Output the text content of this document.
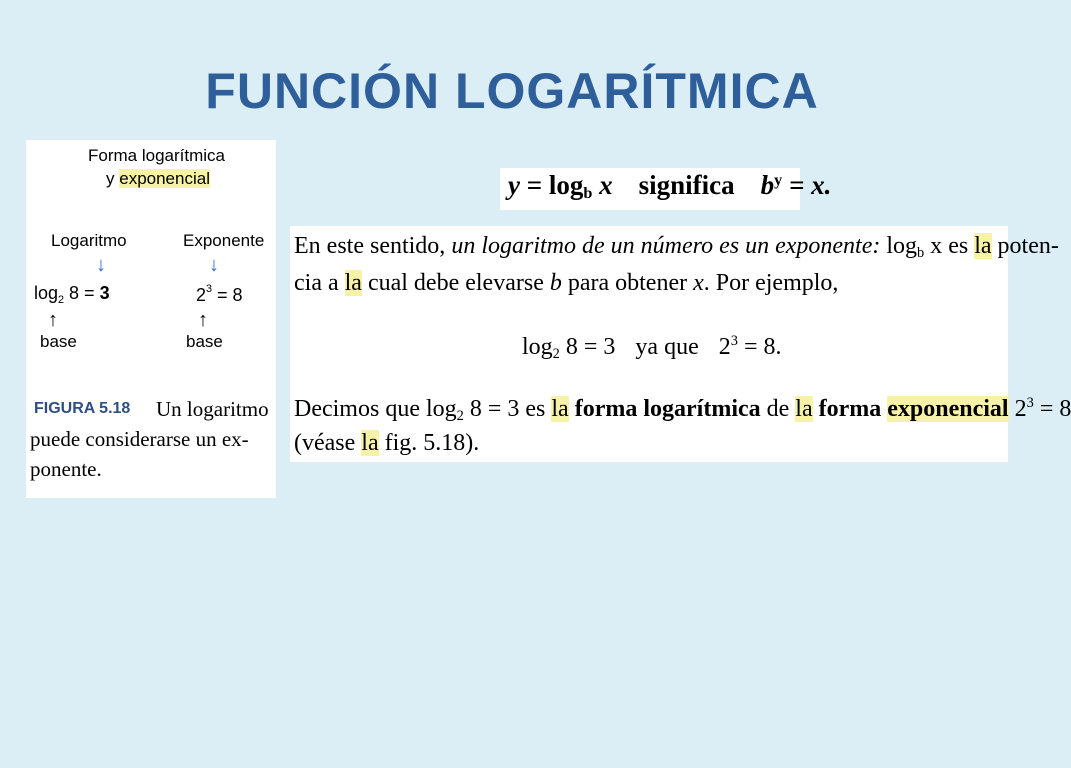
FUNCIÓN LOGARÍTMICA
Forma logarítmica
y exponencial
Logaritmo	Exponente
↓	↓
$\log_2 8 = 3$	$2^3 = 8$
↑	↑
base	base
FIGURA 5.18 Un logaritmo
puede considerarse un ex-
ponente.
$y = \log_b x$ significa $b^y = x$.
En este sentido, un logaritmo de un número es un exponente: $\log_b x$ es la poten-
cia a la cual debe elevarse b para obtener x. Por ejemplo,
$\log_2 8 = 3$ ya que $2^3 = 8$.
Decimos que $\log_2 8 = 3$ es la forma logarítmica de la forma exponencial $2^3 = 8$
(véase la fig. 5.18).
